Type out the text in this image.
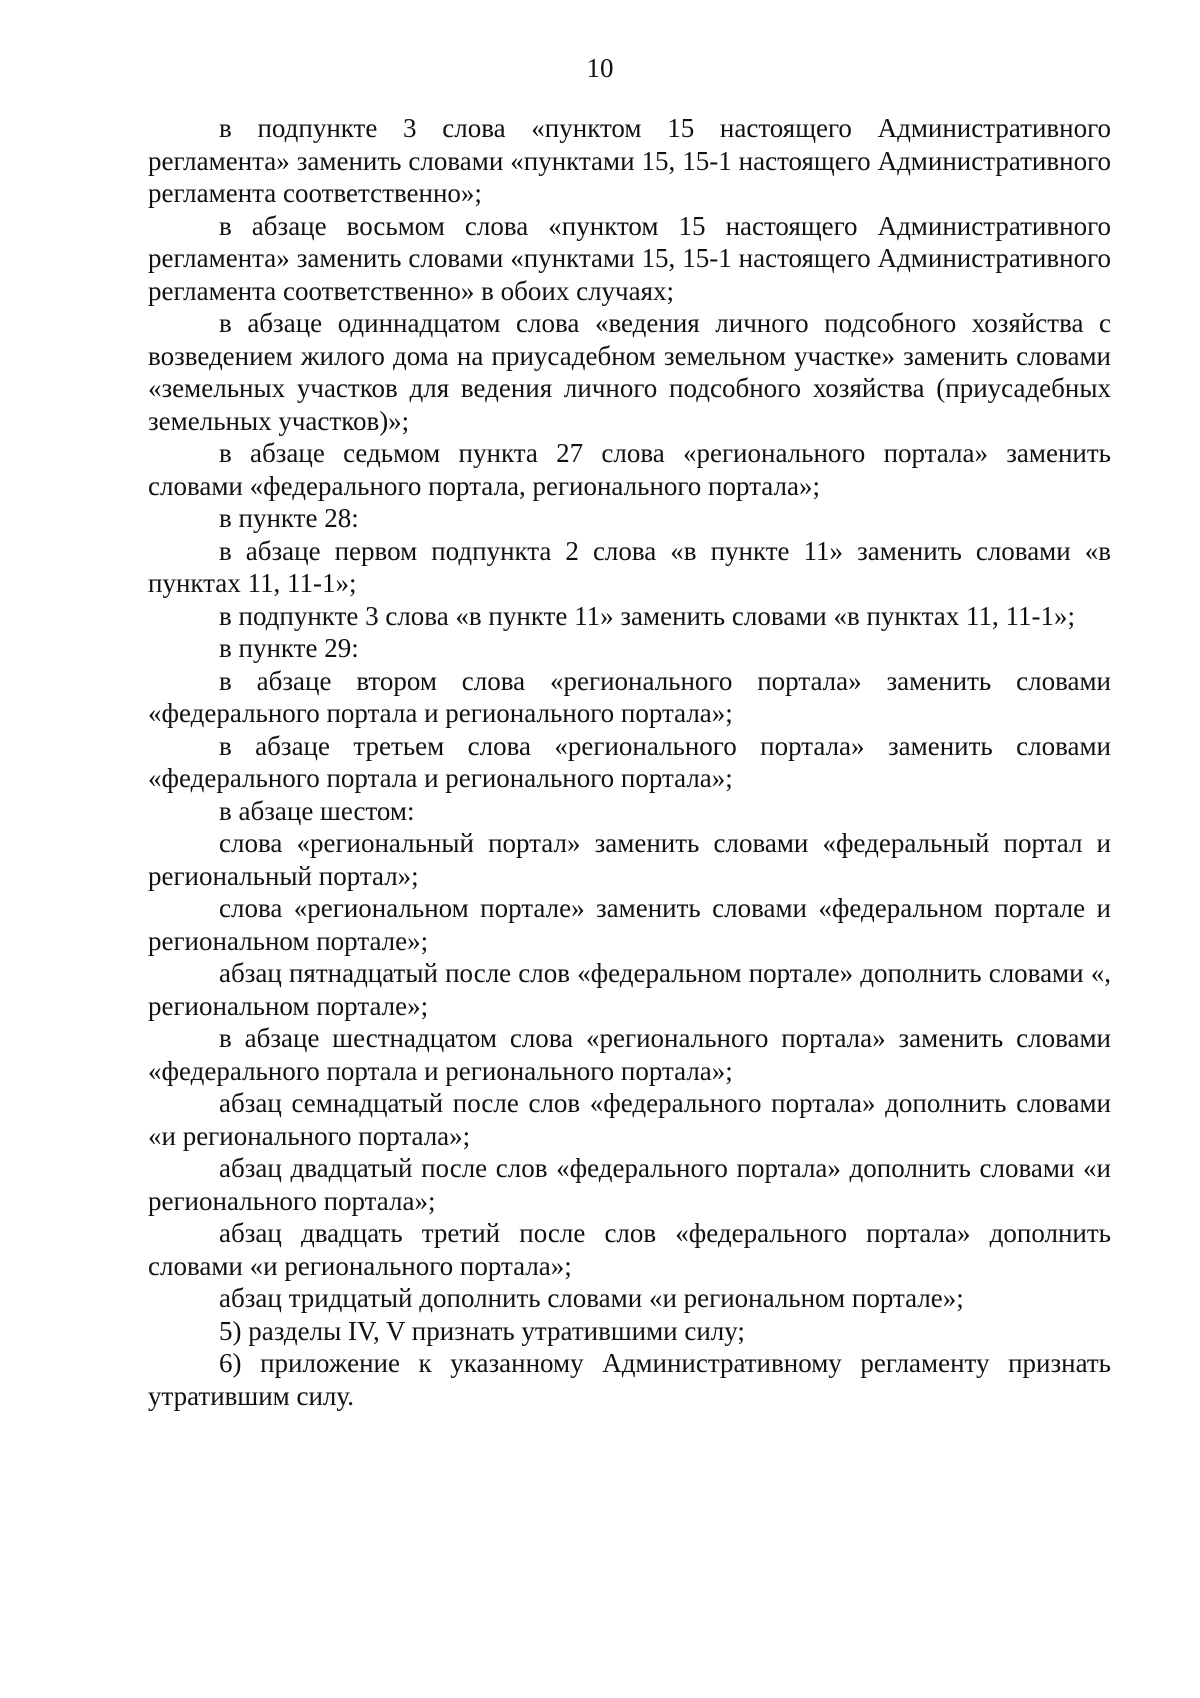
10

в подпункте 3 слова «пунктом 15 настоящего Административного регламента» заменить словами «пунктами 15, 15-1 настоящего Административного регламента соответственно»;

в абзаце восьмом слова «пунктом 15 настоящего Административного регламента» заменить словами «пунктами 15, 15-1 настоящего Административного регламента соответственно» в обоих случаях;

в абзаце одиннадцатом слова «ведения личного подсобного хозяйства с возведением жилого дома на приусадебном земельном участке» заменить словами «земельных участков для ведения личного подсобного хозяйства (приусадебных земельных участков)»;

в абзаце седьмом пункта 27 слова «регионального портала» заменить словами «федерального портала, регионального портала»;

в пункте 28:

в абзаце первом подпункта 2 слова «в пункте 11» заменить словами «в пунктах 11, 11-1»;

в подпункте 3 слова «в пункте 11» заменить словами «в пунктах 11, 11-1»;

в пункте 29:

в абзаце втором слова «регионального портала» заменить словами «федерального портала и регионального портала»;

в абзаце третьем слова «регионального портала» заменить словами «федерального портала и регионального портала»;

в абзаце шестом:

слова «региональный портал» заменить словами «федеральный портал и региональный портал»;

слова «региональном портале» заменить словами «федеральном портале и региональном портале»;

абзац пятнадцатый после слов «федеральном портале» дополнить словами «, региональном портале»;

в абзаце шестнадцатом слова «регионального портала» заменить словами «федерального портала и регионального портала»;

абзац семнадцатый после слов «федерального портала» дополнить словами «и регионального портала»;

абзац двадцатый после слов «федерального портала» дополнить словами «и регионального портала»;

абзац двадцать третий после слов «федерального портала» дополнить словами «и регионального портала»;

абзац тридцатый дополнить словами «и региональном портале»;

5) разделы IV, V признать утратившими силу;

6) приложение к указанному Административному регламенту признать утратившим силу.
